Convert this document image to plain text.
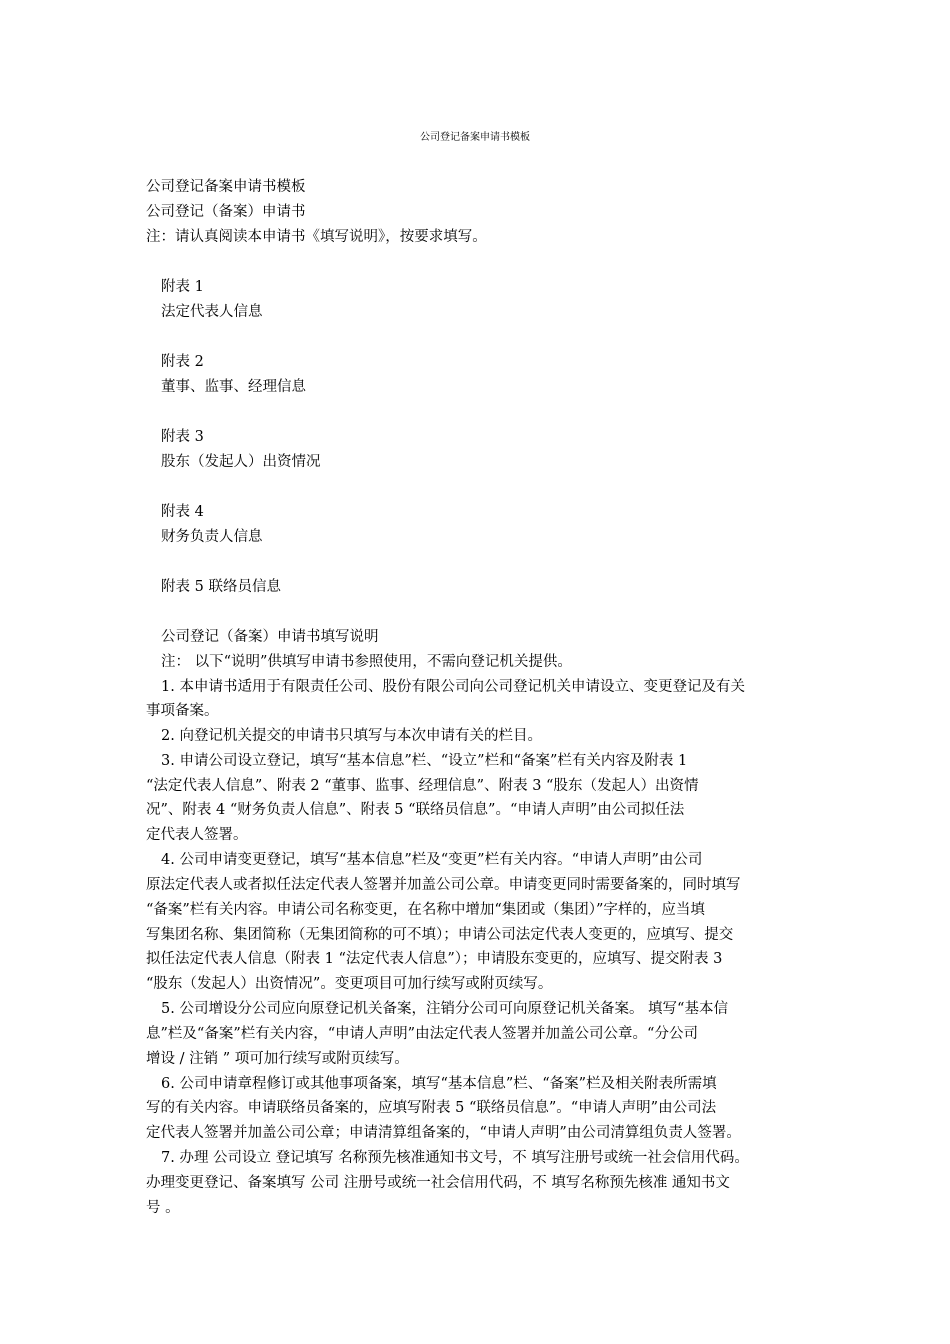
公司登记备案申请书模板
公司登记备案申请书模板
公司登记（备案）申请书
注：请认真阅读本申请书《填写说明》，按要求填写。
附表 1
法定代表人信息
附表 2
董事、监事、经理信息
附表 3
股东（发起人）出资情况
附表 4
财务负责人信息
附表 5 联络员信息
公司登记（备案）申请书填写说明
注： 以下“说明”供填写申请书参照使用，不需向登记机关提供。
1. 本申请书适用于有限责任公司、股份有限公司向公司登记机关申请设立、变更登记及有关
事项备案。
2. 向登记机关提交的申请书只填写与本次申请有关的栏目。
3. 申请公司设立登记，填写“基本信息”栏、“设立”栏和“备案”栏有关内容及附表 1
“法定代表人信息”、附表 2 “董事、监事、经理信息”、附表 3 “股东（发起人）出资情
况”、附表 4 “财务负责人信息”、附表 5 “联络员信息”。“申请人声明”由公司拟任法
定代表人签署。
4. 公司申请变更登记，填写“基本信息”栏及“变更”栏有关内容。“申请人声明”由公司
原法定代表人或者拟任法定代表人签署并加盖公司公章。申请变更同时需要备案的，同时填写
“备案”栏有关内容。申请公司名称变更，在名称中增加“集团或（集团）”字样的，应当填
写集团名称、集团简称（无集团简称的可不填）；申请公司法定代表人变更的，应填写、提交
拟任法定代表人信息（附表 1 “法定代表人信息”）；申请股东变更的，应填写、提交附表 3
“股东（发起人）出资情况”。变更项目可加行续写或附页续写。
5. 公司增设分公司应向原登记机关备案，注销分公司可向原登记机关备案。 填写“基本信
息”栏及“备案”栏有关内容，“申请人声明”由法定代表人签署并加盖公司公章。“分公司
增设 / 注销 ” 项可加行续写或附页续写。
6. 公司申请章程修订或其他事项备案，填写“基本信息”栏、“备案”栏及相关附表所需填
写的有关内容。申请联络员备案的，应填写附表 5 “联络员信息”。“申请人声明”由公司法
定代表人签署并加盖公司公章；申请清算组备案的，“申请人声明”由公司清算组负责人签署。
7. 办理 公司设立 登记填写 名称预先核准通知书文号，不 填写注册号或统一社会信用代码。
办理变更登记、备案填写 公司 注册号或统一社会信用代码，不 填写名称预先核准 通知书文
号 。
